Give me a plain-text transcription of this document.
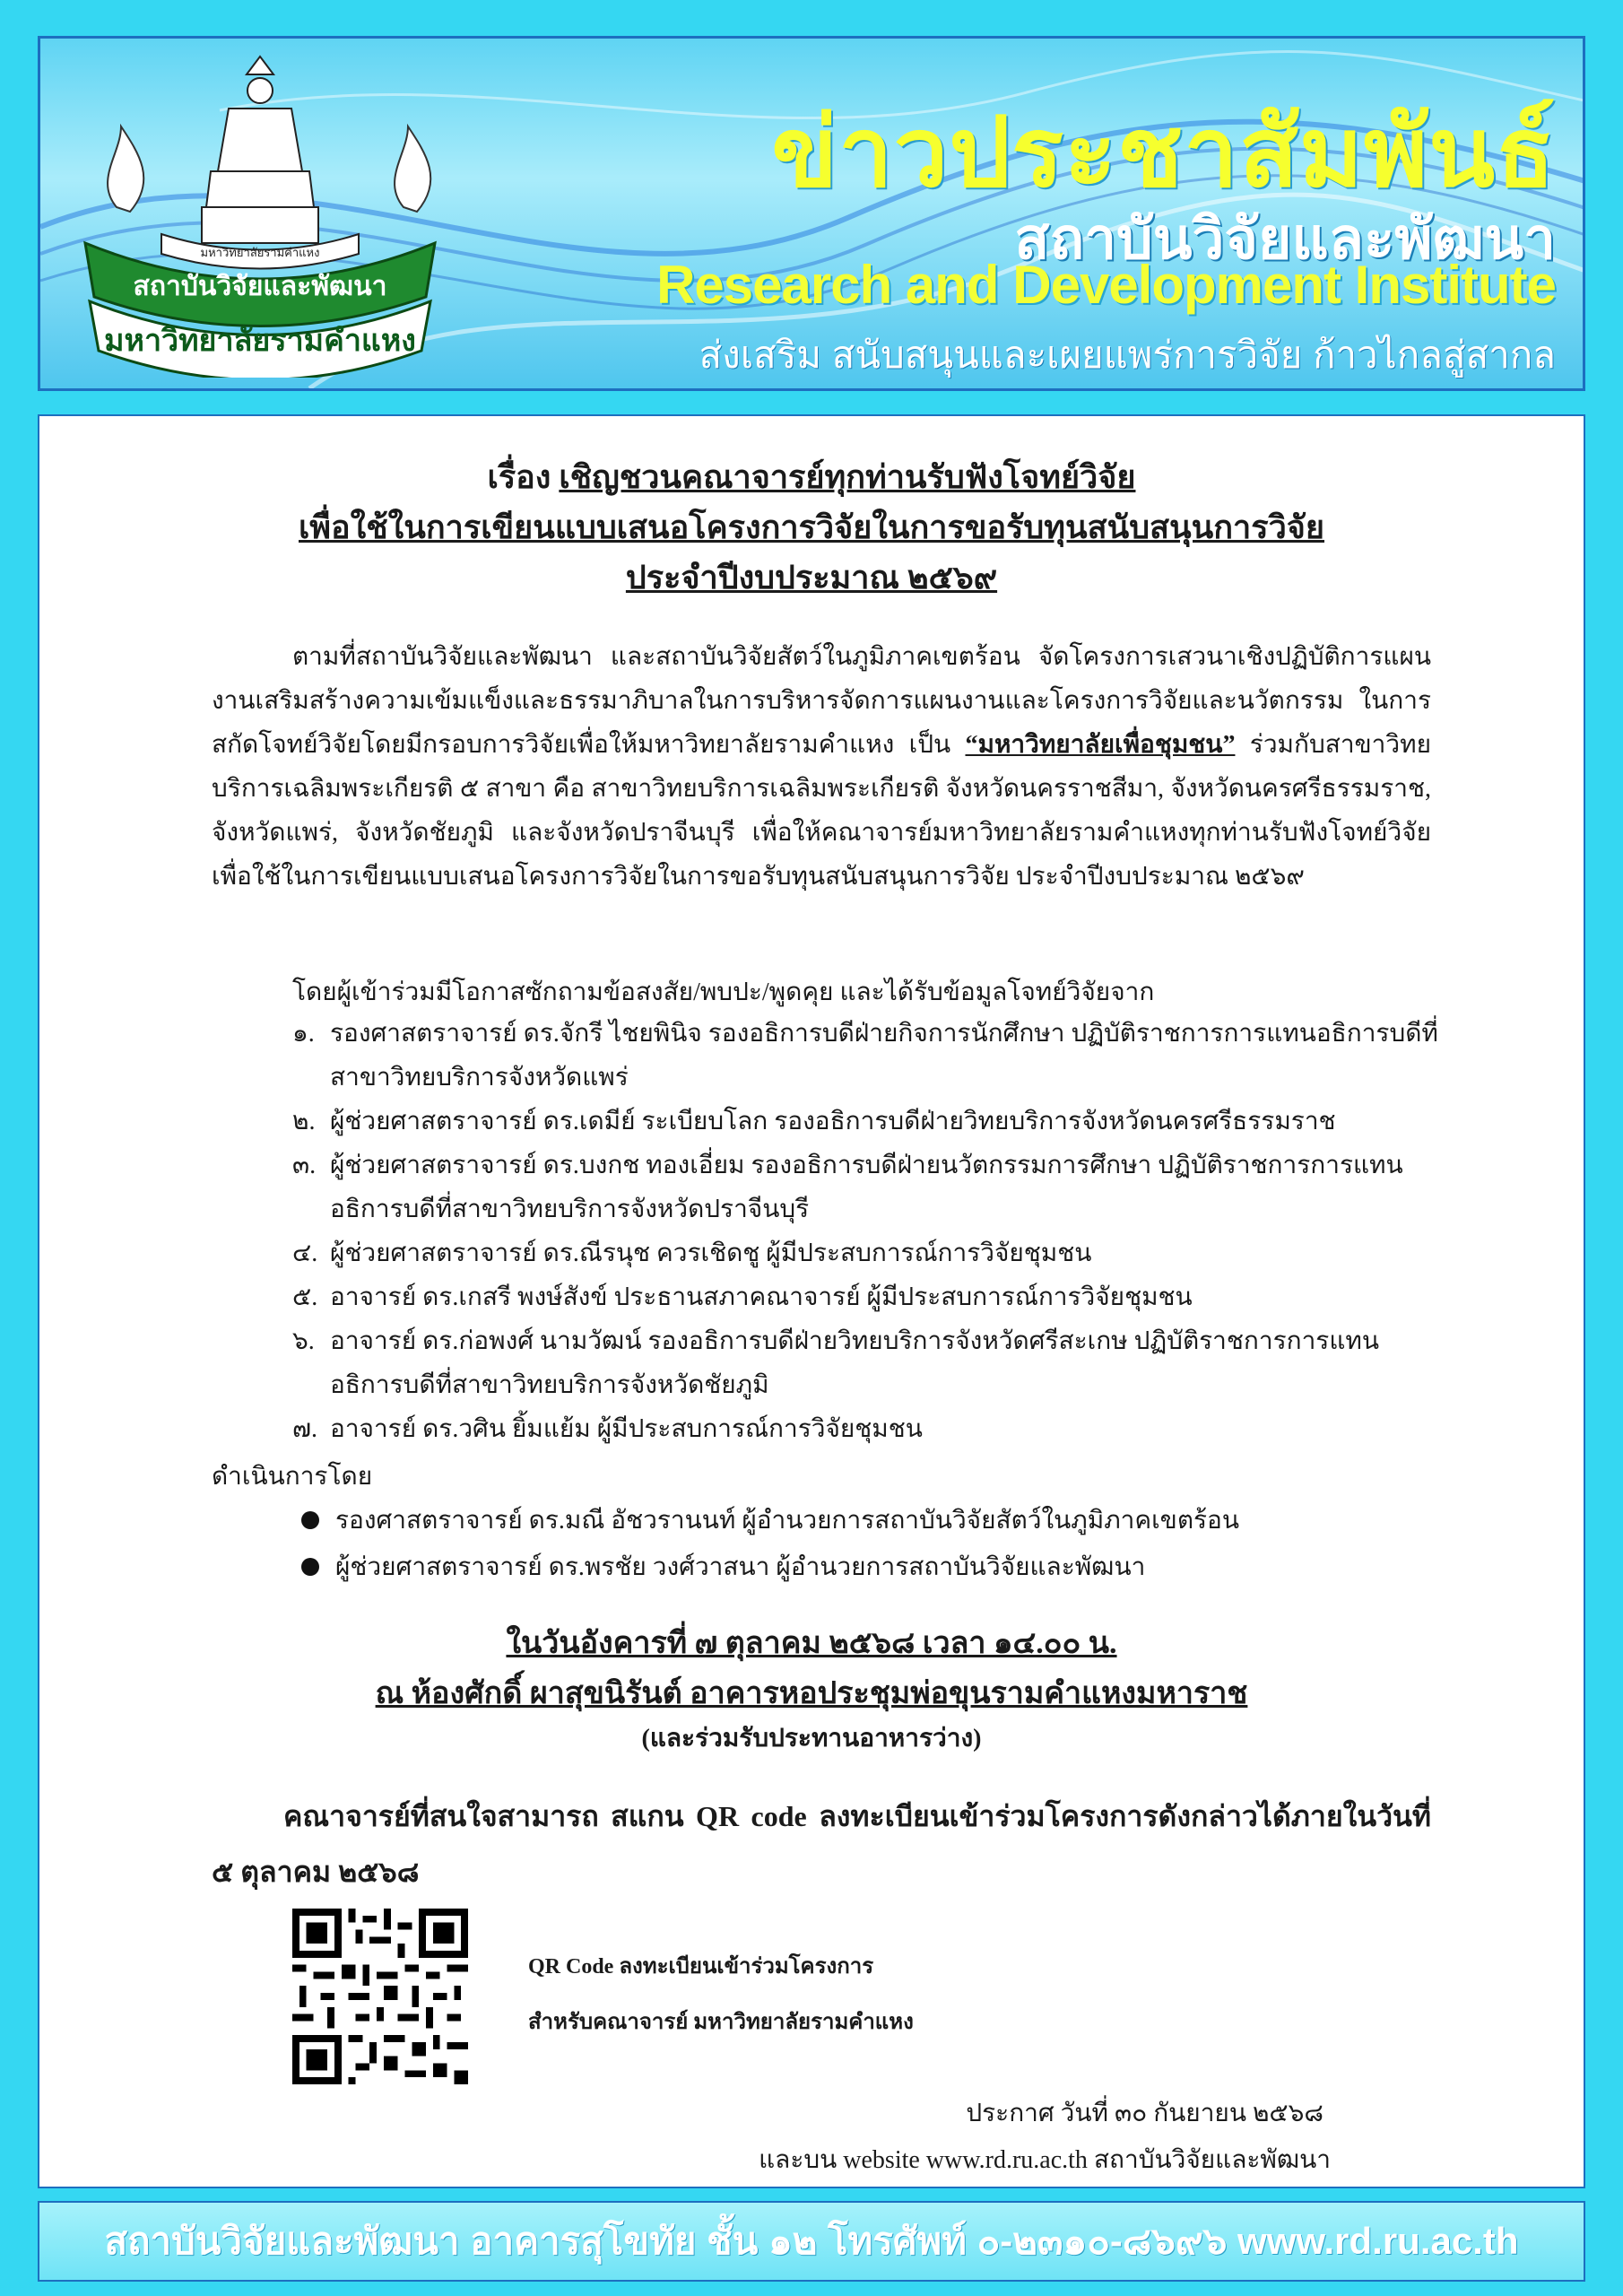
มหาวิทยาลัยรามคำแหง
สถาบันวิจัยและพัฒนา
มหาวิทยาลัยรามคำแหง
ข่าวประชาสัมพันธ์
สถาบันวิจัยและพัฒนา
Research and Development Institute
ส่งเสริม สนับสนุนและเผยแพร่การวิจัย ก้าวไกลสู่สากล
เรื่อง เชิญชวนคณาจารย์ทุกท่านรับฟังโจทย์วิจัย
เพื่อใช้ในการเขียนแบบเสนอโครงการวิจัยในการขอรับทุนสนับสนุนการวิจัย
ประจำปีงบประมาณ ๒๕๖๙
ตามที่สถาบันวิจัยและพัฒนา และสถาบันวิจัยสัตว์ในภูมิภาคเขตร้อน จัดโครงการเสวนาเชิงปฏิบัติการแผนงานเสริมสร้างความเข้มแข็งและธรรมาภิบาลในการบริหารจัดการแผนงานและโครงการวิจัยและนวัตกรรม ในการสกัดโจทย์วิจัยโดยมีกรอบการวิจัยเพื่อให้มหาวิทยาลัยรามคำแหง เป็น “มหาวิทยาลัยเพื่อชุมชน” ร่วมกับสาขาวิทยบริการเฉลิมพระเกียรติ ๕ สาขา คือ สาขาวิทยบริการเฉลิมพระเกียรติ จังหวัดนครราชสีมา, จังหวัดนครศรีธรรมราช, จังหวัดแพร่, จังหวัดชัยภูมิ และจังหวัดปราจีนบุรี เพื่อให้คณาจารย์มหาวิทยาลัยรามคำแหงทุกท่านรับฟังโจทย์วิจัย เพื่อใช้ในการเขียนแบบเสนอโครงการวิจัยในการขอรับทุนสนับสนุนการวิจัย ประจำปีงบประมาณ ๒๕๖๙
โดยผู้เข้าร่วมมีโอกาสซักถามข้อสงสัย/พบปะ/พูดคุย และได้รับข้อมูลโจทย์วิจัยจาก
๑. รองศาสตราจารย์ ดร.จักรี ไชยพินิจ รองอธิการบดีฝ่ายกิจการนักศึกษา ปฏิบัติราชการการแทนอธิการบดีที่สาขาวิทยบริการจังหวัดแพร่
๒. ผู้ช่วยศาสตราจารย์ ดร.เดมีย์ ระเบียบโลก รองอธิการบดีฝ่ายวิทยบริการจังหวัดนครศรีธรรมราช
๓. ผู้ช่วยศาสตราจารย์ ดร.บงกช ทองเอี่ยม รองอธิการบดีฝ่ายนวัตกรรมการศึกษา ปฏิบัติราชการการแทนอธิการบดีที่สาขาวิทยบริการจังหวัดปราจีนบุรี
๔. ผู้ช่วยศาสตราจารย์ ดร.ณีรนุช ควรเชิดชู ผู้มีประสบการณ์การวิจัยชุมชน
๕. อาจารย์ ดร.เกสรี พงษ์สังข์ ประธานสภาคณาจารย์ ผู้มีประสบการณ์การวิจัยชุมชน
๖. อาจารย์ ดร.ก่อพงศ์ นามวัฒน์ รองอธิการบดีฝ่ายวิทยบริการจังหวัดศรีสะเกษ ปฏิบัติราชการการแทนอธิการบดีที่สาขาวิทยบริการจังหวัดชัยภูมิ
๗. อาจารย์ ดร.วศิน ยิ้มแย้ม ผู้มีประสบการณ์การวิจัยชุมชน
ดำเนินการโดย
รองศาสตราจารย์ ดร.มณี อัชวรานนท์ ผู้อำนวยการสถาบันวิจัยสัตว์ในภูมิภาคเขตร้อน
ผู้ช่วยศาสตราจารย์ ดร.พรชัย วงศ์วาสนา ผู้อำนวยการสถาบันวิจัยและพัฒนา
ในวันอังคารที่ ๗ ตุลาคม ๒๕๖๘ เวลา ๑๔.๐๐ น.
ณ ห้องศักดิ์ ผาสุขนิรันต์ อาคารหอประชุมพ่อขุนรามคำแหงมหาราช
(และร่วมรับประทานอาหารว่าง)
คณาจารย์ที่สนใจสามารถ สแกน QR code ลงทะเบียนเข้าร่วมโครงการดังกล่าวได้ภายในวันที่ ๕ ตุลาคม ๒๕๖๘
QR Code ลงทะเบียนเข้าร่วมโครงการ
สำหรับคณาจารย์ มหาวิทยาลัยรามคำแหง
ประกาศ วันที่ ๓๐ กันยายน ๒๕๖๘
และบน website www.rd.ru.ac.th สถาบันวิจัยและพัฒนา
สถาบันวิจัยและพัฒนา อาคารสุโขทัย ชั้น ๑๒ โทรศัพท์ ๐-๒๓๑๐-๘๖๙๖ www.rd.ru.ac.th
